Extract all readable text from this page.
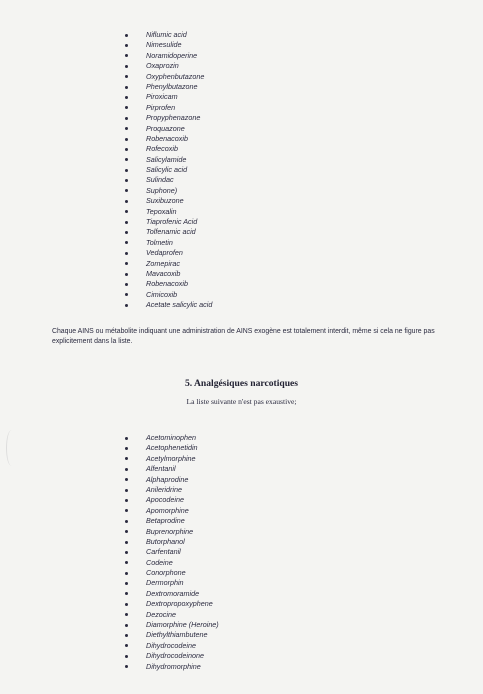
Niflumic acid
Nimesulide
Noramidoperine
Oxaprozin
Oxyphenbutazone
Phenylbutazone
Piroxicam
Pirprofen
Propyphenazone
Proquazone
Robenacoxib
Rofecoxib
Salicylamide
Salicylic acid
Sulindac
Suphone)
Suxibuzone
Tepoxalin
Tiaprofenic Acid
Tolfenamic acid
Tolmetin
Vedaprofen
Zomepirac
Mavacoxib
Robenacoxib
Cimicoxib
Acetate salicylic acid

Chaque AINS ou métabolite indiquant une administration de AINS exogène est totalement interdit, même si cela ne figure pas explicitement dans la liste.

5. Analgésiques narcotiques
La liste suivante n'est pas exaustive;
Acetominophen
Acetophenetidin
Acetylmorphine
Alfentanil
Alphaprodine
Anileridrine
Apocodeine
Apomorphine
Betaprodine
Buprenorphine
Butorphanol
Carfentanil
Codeine
Conorphone
Dermorphin
Dextromoramide
Dextropropoxyphene
Dezocine
Diamorphine (Heroine)
Diethylthiambutene
Dihydrocodeine
Dihydrocodeinone
Dihydromorphine
